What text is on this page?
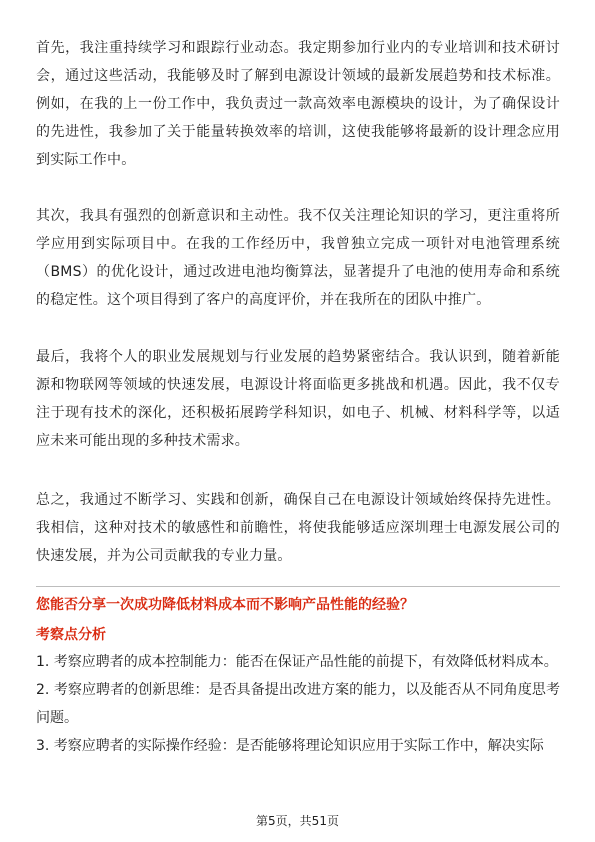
首先，我注重持续学习和跟踪行业动态。我定期参加行业内的专业培训和技术研讨会，通过这些活动，我能够及时了解到电源设计领域的最新发展趋势和技术标准。例如，在我的上一份工作中，我负责过一款高效率电源模块的设计，为了确保设计的先进性，我参加了关于能量转换效率的培训，这使我能够将最新的设计理念应用到实际工作中。

其次，我具有强烈的创新意识和主动性。我不仅关注理论知识的学习，更注重将所学应用到实际项目中。在我的工作经历中，我曾独立完成一项针对电池管理系统（BMS）的优化设计，通过改进电池均衡算法，显著提升了电池的使用寿命和系统的稳定性。这个项目得到了客户的高度评价，并在我所在的团队中推广。

最后，我将个人的职业发展规划与行业发展的趋势紧密结合。我认识到，随着新能源和物联网等领域的快速发展，电源设计将面临更多挑战和机遇。因此，我不仅专注于现有技术的深化，还积极拓展跨学科知识，如电子、机械、材料科学等，以适应未来可能出现的多种技术需求。

总之，我通过不断学习、实践和创新，确保自己在电源设计领域始终保持先进性。我相信，这种对技术的敏感性和前瞻性，将使我能够适应深圳理士电源发展公司的快速发展，并为公司贡献我的专业力量。

您能否分享一次成功降低材料成本而不影响产品性能的经验？

考察点分析

1. 考察应聘者的成本控制能力：能否在保证产品性能的前提下，有效降低材料成本。
2. 考察应聘者的创新思维：是否具备提出改进方案的能力，以及能否从不同角度思考问题。
3. 考察应聘者的实际操作经验：是否能够将理论知识应用于实际工作中，解决实际
第5页，共51页
